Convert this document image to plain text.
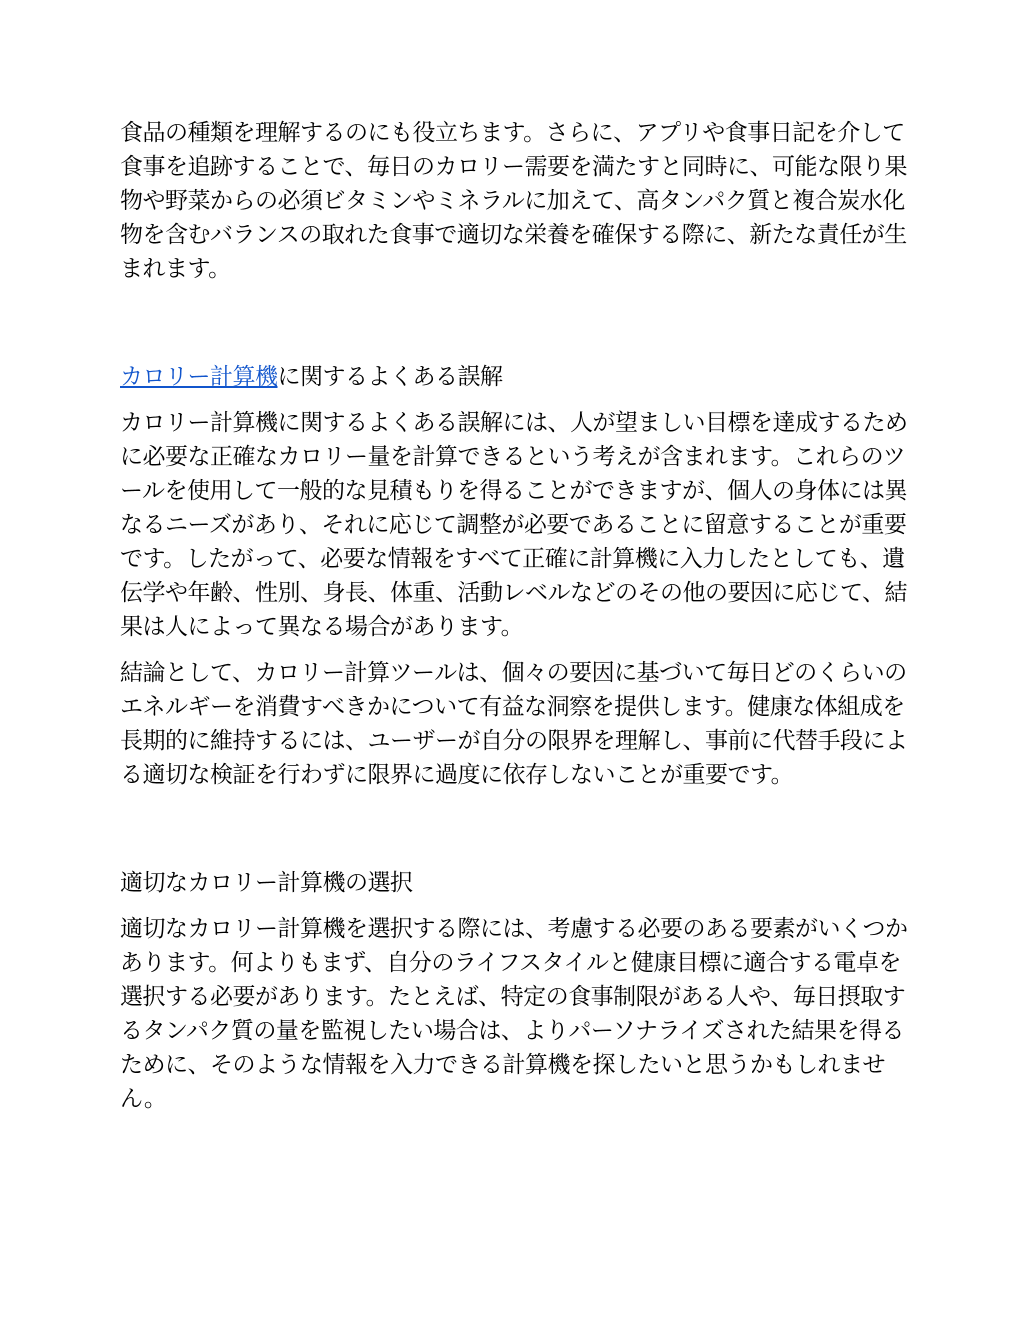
食品の種類を理解するのにも役立ちます。さらに、アプリや食事日記を介して食事を追跡することで、毎日のカロリー需要を満たすと同時に、可能な限り果物や野菜からの必須ビタミンやミネラルに加えて、高タンパク質と複合炭水化物を含むバランスの取れた食事で適切な栄養を確保する際に、新たな責任が生まれます。

カロリー計算機に関するよくある誤解

カロリー計算機に関するよくある誤解には、人が望ましい目標を達成するために必要な正確なカロリー量を計算できるという考えが含まれます。これらのツールを使用して一般的な見積もりを得ることができますが、個人の身体には異なるニーズがあり、それに応じて調整が必要であることに留意することが重要です。したがって、必要な情報をすべて正確に計算機に入力したとしても、遺伝学や年齢、性別、身長、体重、活動レベルなどのその他の要因に応じて、結果は人によって異なる場合があります。

結論として、カロリー計算ツールは、個々の要因に基づいて毎日どのくらいのエネルギーを消費すべきかについて有益な洞察を提供します。健康な体組成を長期的に維持するには、ユーザーが自分の限界を理解し、事前に代替手段による適切な検証を行わずに限界に過度に依存しないことが重要です。

適切なカロリー計算機の選択

適切なカロリー計算機を選択する際には、考慮する必要のある要素がいくつかあります。何よりもまず、自分のライフスタイルと健康目標に適合する電卓を選択する必要があります。たとえば、特定の食事制限がある人や、毎日摂取するタンパク質の量を監視したい場合は、よりパーソナライズされた結果を得るために、そのような情報を入力できる計算機を探したいと思うかもしれません。
